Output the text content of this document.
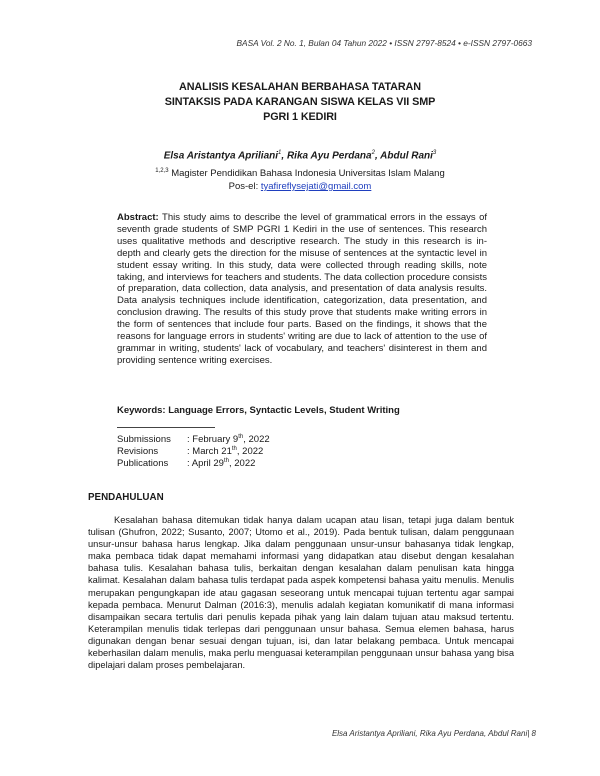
BASA Vol. 2 No. 1, Bulan 04 Tahun 2022 • ISSN 2797-8524 • e-ISSN 2797-0663
ANALISIS KESALAHAN BERBAHASA TATARAN
SINTAKSIS PADA KARANGAN SISWA KELAS VII SMP
PGRI 1 KEDIRI
Elsa Aristantya Apriliani$^1$, Rika Ayu Perdana$^2$, Abdul Rani$^3$
$^{1,2,3}$ Magister Pendidikan Bahasa Indonesia Universitas Islam Malang
Pos-el: tyafireflysejati@gmail.com
Abstract: This study aims to describe the level of grammatical errors in the essays of seventh grade students of SMP PGRI 1 Kediri in the use of sentences. This research uses qualitative methods and descriptive research. The study in this research is in-depth and clearly gets the direction for the misuse of sentences at the syntactic level in student essay writing. In this study, data were collected through reading skills, note taking, and interviews for teachers and students. The data collection procedure consists of preparation, data collection, data analysis, and presentation of data analysis results. Data analysis techniques include identification, categorization, data presentation, and conclusion drawing. The results of this study prove that students make writing errors in the form of sentences that include four parts. Based on the findings, it shows that the reasons for language errors in students' writing are due to lack of attention to the use of grammar in writing, students' lack of vocabulary, and teachers' disinterest in them and providing sentence writing exercises.
Keywords: Language Errors, Syntactic Levels, Student Writing
Submissions : February 9th, 2022
Revisions	: March 21th, 2022
Publications : April 29th, 2022
PENDAHULUAN
Kesalahan bahasa ditemukan tidak hanya dalam ucapan atau lisan, tetapi juga dalam bentuk tulisan (Ghufron, 2022; Susanto, 2007; Utomo et al., 2019). Pada bentuk tulisan, dalam penggunaan unsur-unsur bahasa harus lengkap. Jika dalam penggunaan unsur-unsur bahasanya tidak lengkap, maka pembaca tidak dapat memahami informasi yang didapatkan atau disebut dengan kesalahan bahasa tulis. Kesalahan bahasa tulis, berkaitan dengan kesalahan dalam penulisan kata hingga kalimat. Kesalahan dalam bahasa tulis terdapat pada aspek kompetensi bahasa yaitu menulis. Menulis merupakan pengungkapan ide atau gagasan seseorang untuk mencapai tujuan tertentu agar sampai kepada pembaca. Menurut Dalman (2016:3), menulis adalah kegiatan komunikatif di mana informasi disampaikan secara tertulis dari penulis kepada pihak yang lain dalam tujuan atau maksud tertentu. Keterampilan menulis tidak terlepas dari penggunaan unsur bahasa. Semua elemen bahasa, harus digunakan dengan benar sesuai dengan tujuan, isi, dan latar belakang pembaca. Untuk mencapai keberhasilan dalam menulis, maka perlu menguasai keterampilan penggunaan unsur bahasa yang bisa dipelajari dalam proses pembelajaran.
Elsa Aristantya Apriliani, Rika Ayu Perdana, Abdul Rani| 8
